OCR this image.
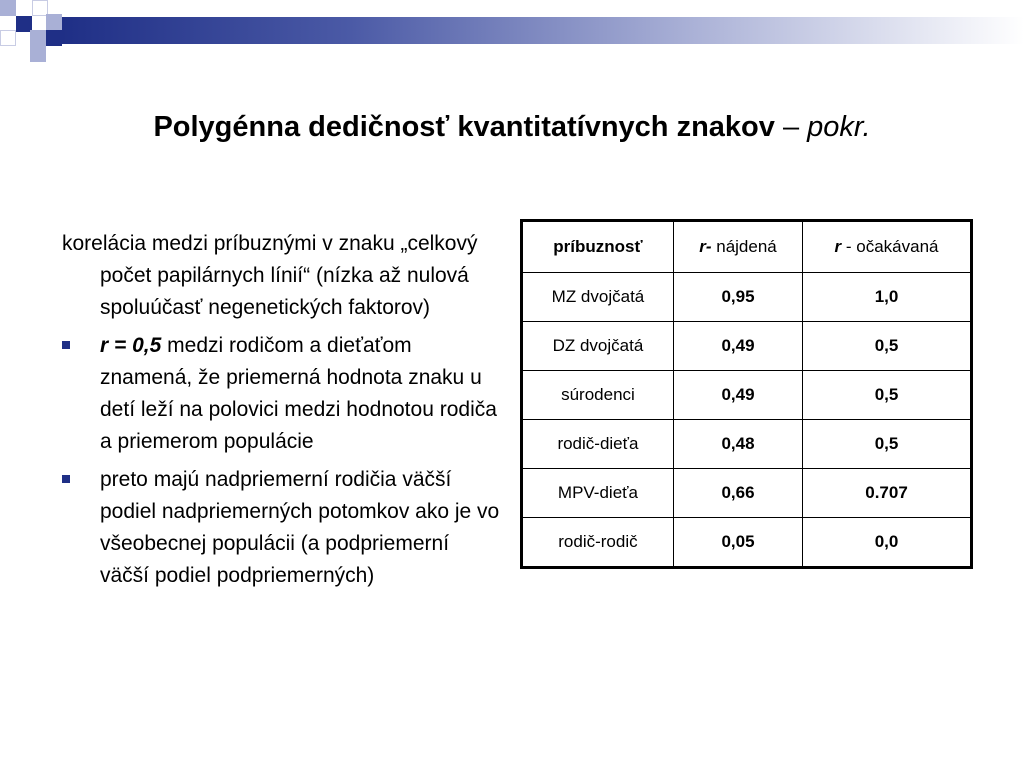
Polygénna dedičnosť kvantitatívnych znakov – pokr.

korelácia medzi príbuznými v znaku „celkový počet papilárnych línií“ (nízka až nulová spoluúčasť negenetických faktorov)

r = 0,5 medzi rodičom a dieťaťom znamená, že priemerná hodnota znaku u detí leží na polovici medzi hodnotou rodiča a priemerom populácie
preto majú nadpriemerní rodičia väčší podiel nadpriemerných potomkov ako je vo všeobecnej populácii (a podpriemerní väčší podiel podpriemerných)
príbuznosť	r- nájdená	r - očakávaná
MZ dvojčatá	0,95	1,0
DZ dvojčatá	0,49	0,5
súrodenci	0,49	0,5
rodič-dieťa	0,48	0,5
MPV-dieťa	0,66	0.707
rodič-rodič	0,05	0,0
